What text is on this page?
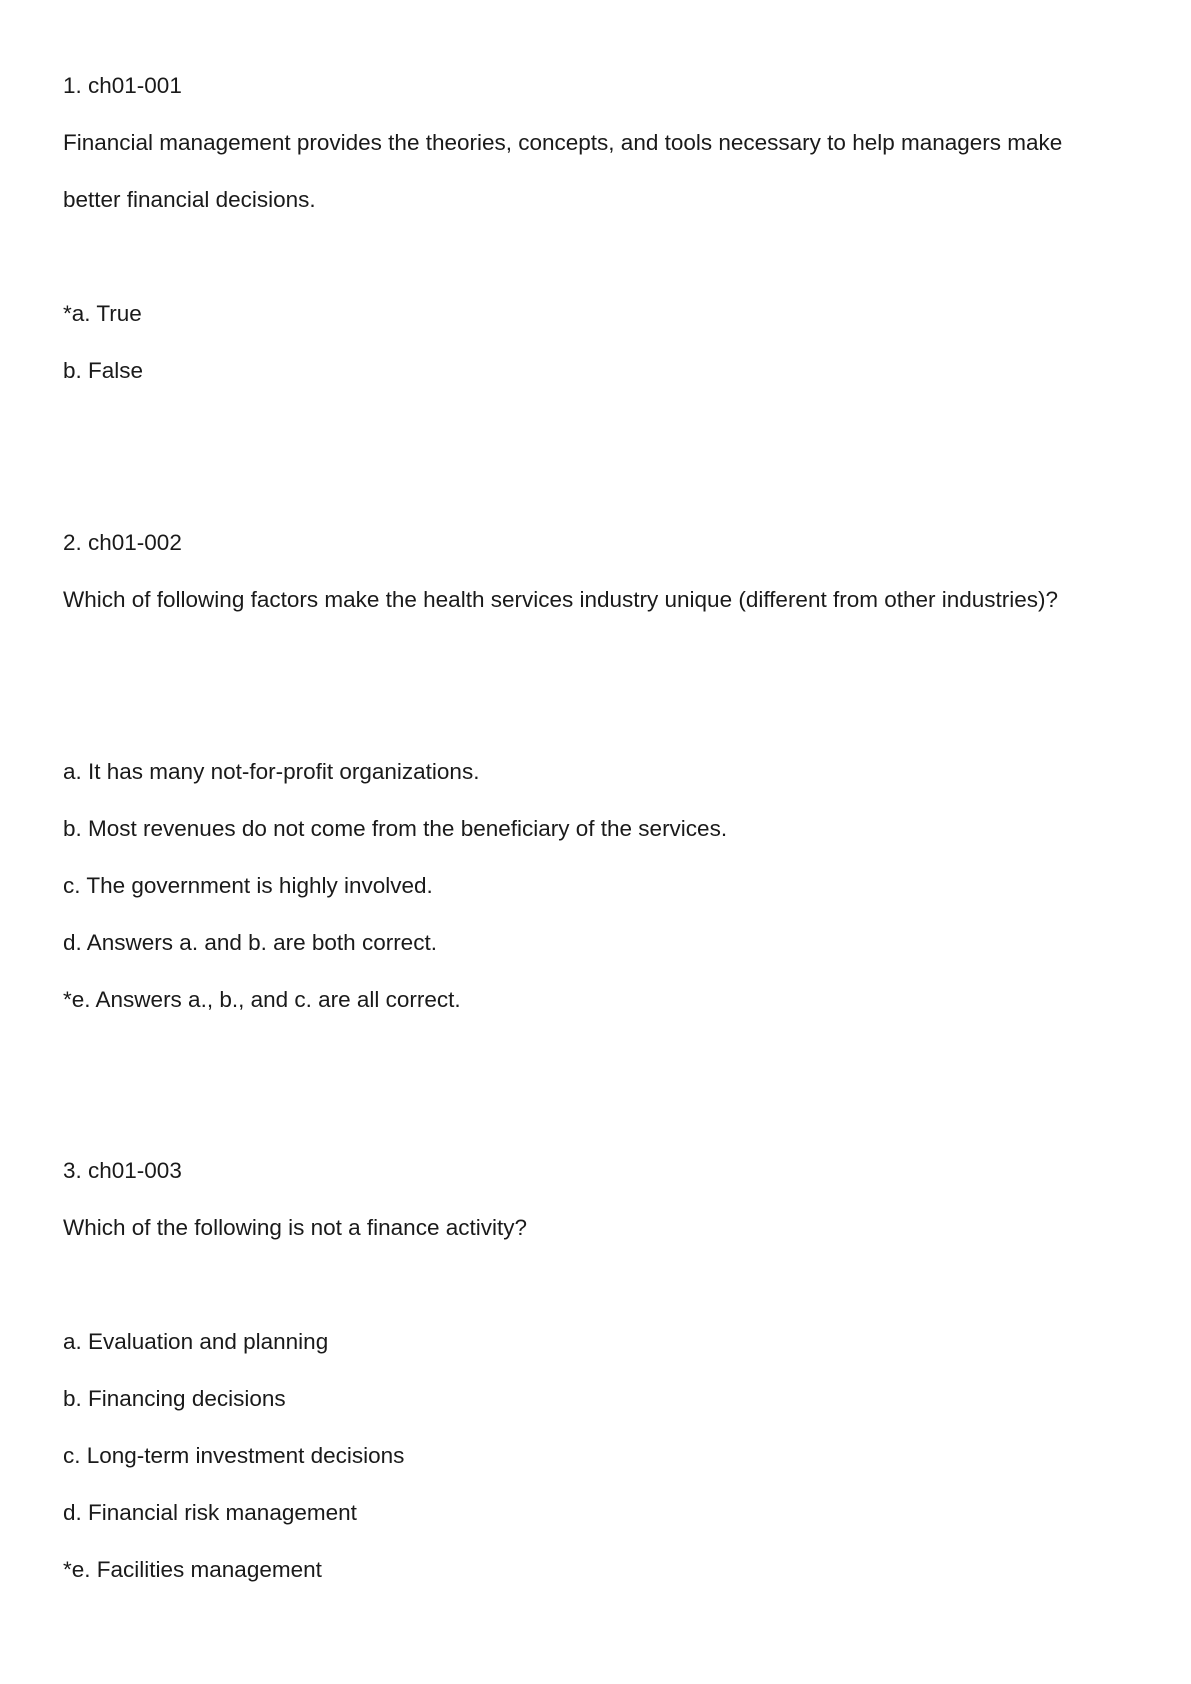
1. ch01-001
Financial management provides the theories, concepts, and tools necessary to help managers make
better financial decisions.
*a. True
b. False
2. ch01-002
Which of following factors make the health services industry unique (different from other industries)?
a. It has many not-for-profit organizations.
b. Most revenues do not come from the beneficiary of the services.
c. The government is highly involved.
d. Answers a. and b. are both correct.
*e. Answers a., b., and c. are all correct.
3. ch01-003
Which of the following is not a finance activity?
a. Evaluation and planning
b. Financing decisions
c. Long-term investment decisions
d. Financial risk management
*e. Facilities management
